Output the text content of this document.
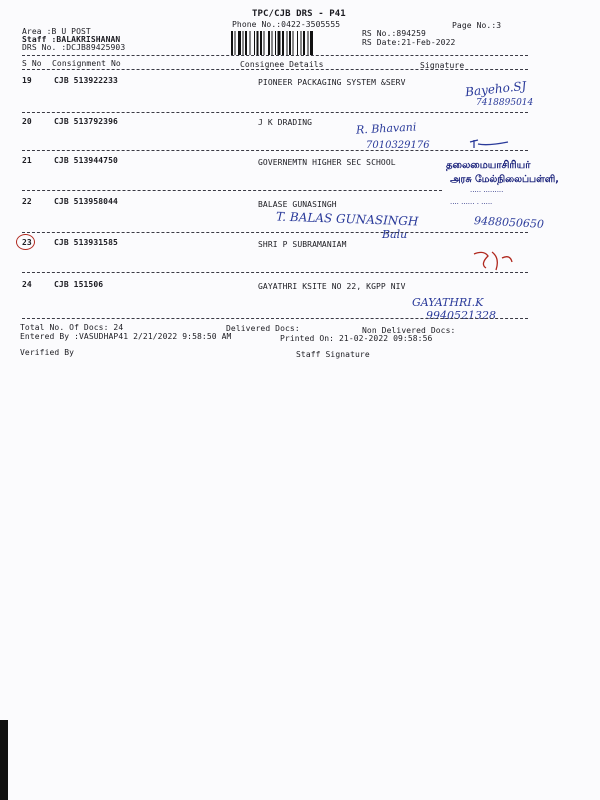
TPC/CJB DRS - P41
Phone No.:0422-3505555	Page No.:3
Area :B U POST
Staff :BALAKRISHANAN
DRS No. :DCJB89425903
RS No.:894259
RS Date:21-Feb-2022
S No Consignment No	Consignee Details	Signature
19	CJB 513922233	PIONEER PACKAGING SYSTEM &SERV	Bayeho.SJ
7418895014
20	CJB 513792396	J K DRADING	R. Bhavani
7010329176
21	CJB 513944750	GOVERNEMTN HIGHER SEC SCHOOL	தலைமையாசிரியர்
அரசு மேல்நிலைப்பள்ளி,
····· ·········
···· ······ · ·····
22	CJB 513958044	BALASE GUNASINGH
T. BALAS GUNASINGH	9488050650
Balu
23	CJB 513931585	SHRI P SUBRAMANIAM
24	CJB 151506	GAYATHRI KSITE NO 22, KGPP NIV
GAYATHRI.K
9940521328
Total No. Of Docs: 24	Delivered Docs:	Non Delivered Docs:
Entered By :VASUDHAP41 2/21/2022 9:58:50 AM	Printed On: 21-02-2022 09:58:56
Verified By	Staff Signature
